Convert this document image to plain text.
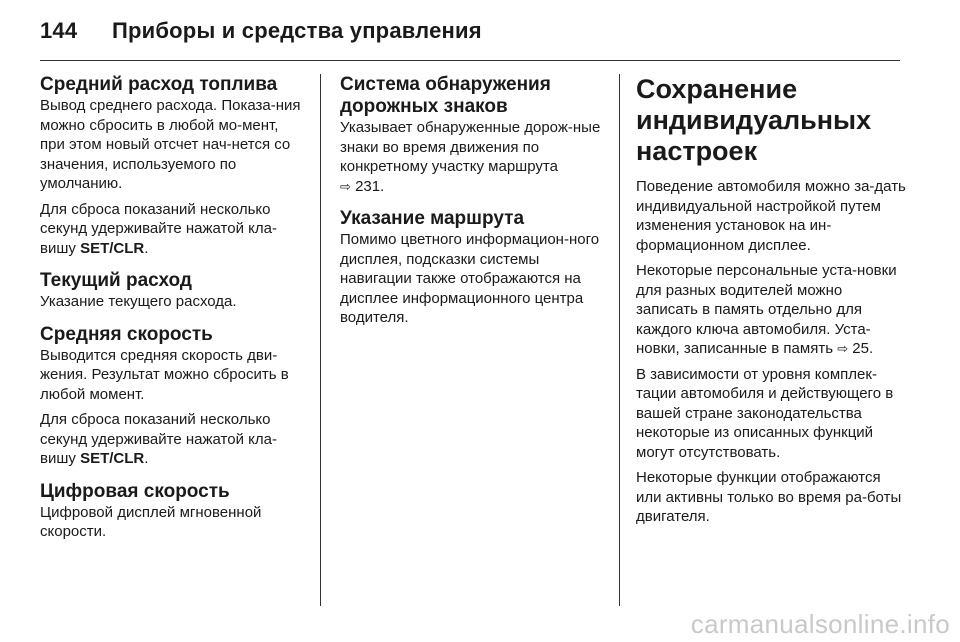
144 Приборы и средства управления
Средний расход топлива

Вывод среднего расхода. Показа-ния можно сбросить в любой мо-мент, при этом новый отсчет нач-нется со значения, используемого по умолчанию.

Для сброса показаний несколько секунд удерживайте нажатой кла-вишу SET/CLR.

Текущий расход

Указание текущего расхода.

Средняя скорость

Выводится средняя скорость дви-жения. Результат можно сбросить в любой момент.

Для сброса показаний несколько секунд удерживайте нажатой кла-вишу SET/CLR.

Цифровая скорость

Цифровой дисплей мгновенной скорости.

Система обнаружения дорожных знаков

Указывает обнаруженные дорож-ные знаки во время движения по конкретному участку маршрута
⇨ 231.

Указание маршрута

Помимо цветного информацион-ного дисплея, подсказки системы навигации также отображаются на дисплее информационного центра водителя.

Сохранение индивидуальных настроек

Поведение автомобиля можно за-дать индивидуальной настройкой путем изменения установок на ин-формационном дисплее.

Некоторые персональные уста-новки для разных водителей можно записать в память отдельно для каждого ключа автомобиля. Уста-новки, записанные в память ⇨ 25.

В зависимости от уровня комплек-тации автомобиля и действующего в вашей стране законодательства некоторые из описанных функций могут отсутствовать.

Некоторые функции отображаются или активны только во время ра-боты двигателя.

carmanualsonline.info
